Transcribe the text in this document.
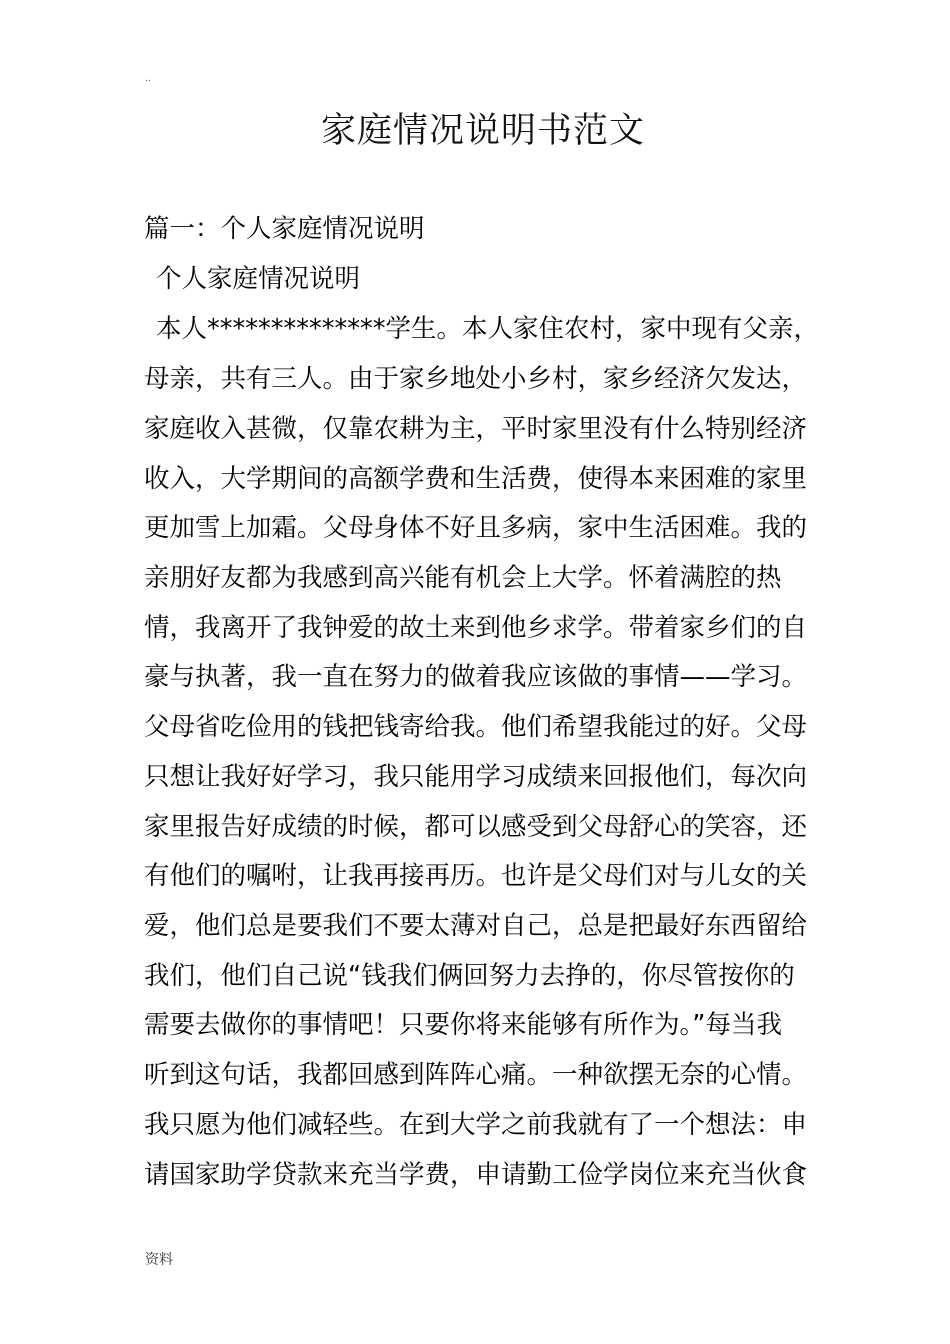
..
家庭情况说明书范文
篇一：个人家庭情况说明
个人家庭情况说明
本人**************学生。本人家住农村，家中现有父亲，
母亲，共有三人。由于家乡地处小乡村，家乡经济欠发达，
家庭收入甚微，仅靠农耕为主，平时家里没有什么特别经济
收入，大学期间的高额学费和生活费，使得本来困难的家里
更加雪上加霜。父母身体不好且多病，家中生活困难。我的
亲朋好友都为我感到高兴能有机会上大学。怀着满腔的热
情，我离开了我钟爱的故土来到他乡求学。带着家乡们的自
豪与执著，我一直在努力的做着我应该做的事情——学习。
父母省吃俭用的钱把钱寄给我。他们希望我能过的好。父母
只想让我好好学习，我只能用学习成绩来回报他们，每次向
家里报告好成绩的时候，都可以感受到父母舒心的笑容，还
有他们的嘱咐，让我再接再历。也许是父母们对与儿女的关
爱，他们总是要我们不要太薄对自己，总是把最好东西留给
我们，他们自己说“钱我们俩回努力去挣的，你尽管按你的
需要去做你的事情吧！只要你将来能够有所作为。”每当我
听到这句话，我都回感到阵阵心痛。一种欲摆无奈的心情。
我只愿为他们减轻些。在到大学之前我就有了一个想法：申
请国家助学贷款来充当学费，申请勤工俭学岗位来充当伙食
资料
